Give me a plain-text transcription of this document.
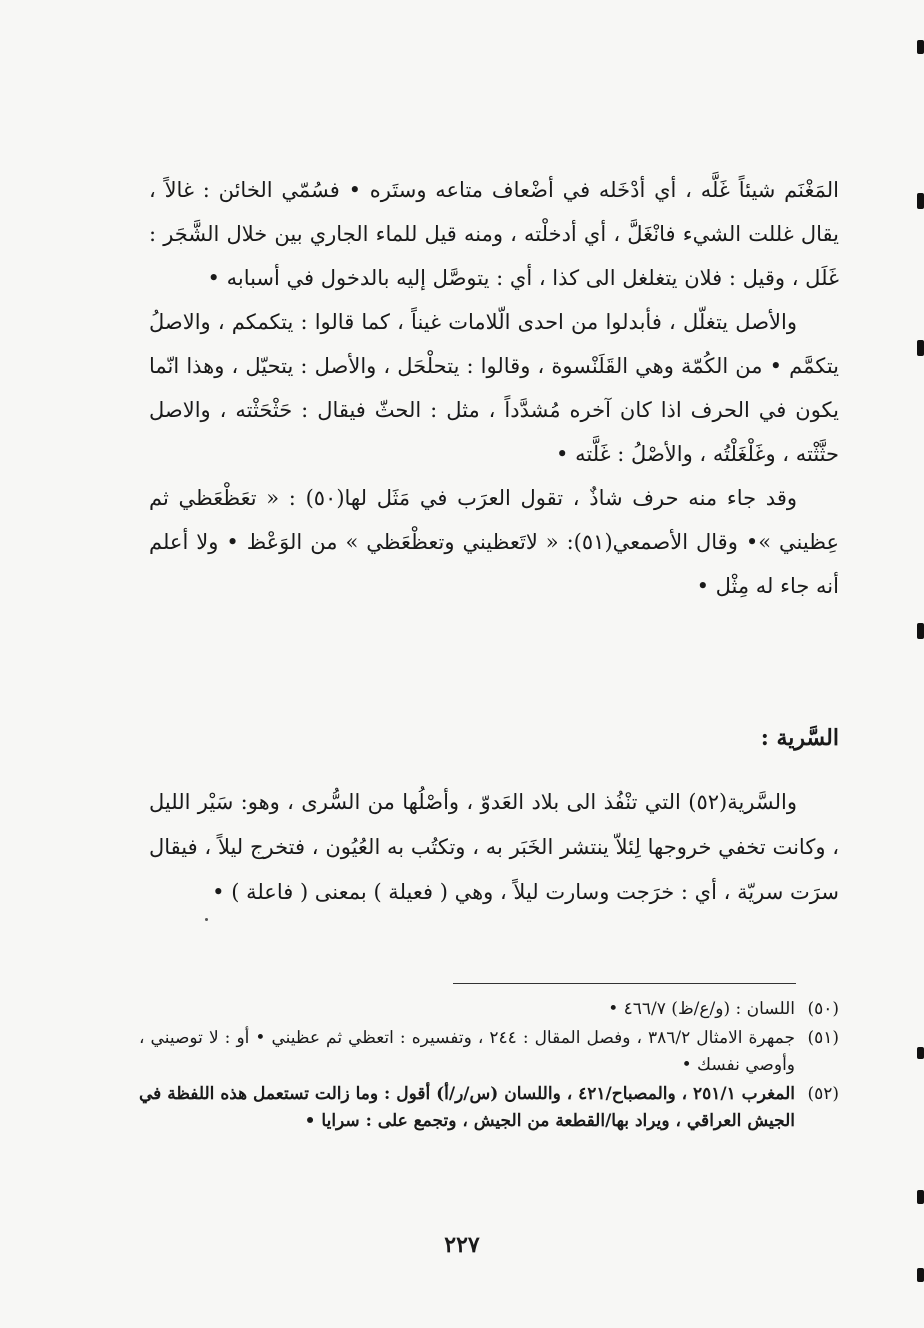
المَغْنَم شيئاً غَلَّه ، أي أدْخَله في أضْعاف متاعه وستَره • فسُمّي الخائن : غالاً ، يقال غللت الشيء فانْغَلَّ ، أي أدخلْته ، ومنه قيل للماء الجاري بين خلال الشَّجَر : غَلَل ، وقيل : فلان يتغلغل الى كذا ، أي : يتوصَّل إليه بالدخول في أسبابه •

والأصل يتغلّل ، فأبدلوا من احدى الّلامات غيناً ، كما قالوا : يتكمكم ، والاصلُ يتكمَّم • من الكُمّة وهي القَلَنْسوة ، وقالوا : يتحلْحَل ، والأصل : يتحيّل ، وهذا انّما يكون في الحرف اذا كان آخره مُشدَّداً ، مثل : الحثّ فيقال : حَثْحَثْته ، والاصل حثَّثْته ، وغَلْغَلْتُه ، والأصْلُ : غَلَّته •

وقد جاء منه حرف شاذٌ ، تقول العرَب في مَثَل لها(٥٠) : « تعَظْعَظي ثم عِظيني »• وقال الأصمعي(٥١): « لاتَعظيني وتعظْعَظي » من الوَعْظ • ولا أعلم أنه جاء له مِثْل •

السَّرية :

والسَّرية(٥٢) التي تنْفُذ الى بلاد العَدوّ ، وأصْلُها من السُّرى ، وهو: سَيْر الليل ، وكانت تخفي خروجها لِئلاّ ينتشر الخَبَر به ، وتكتُب به العُيُون ، فتخرج ليلاً ، فيقال سرَت سريّة ، أي : خرَجت وسارت ليلاً ، وهي ( فعيلة ) بمعنى ( فاعلة ) •

(٥٠)
اللسان : (و/ع/ظ) ٤٦٦/٧ •
(٥١)
جمهرة الامثال ٣٨٦/٢ ، وفصل المقال : ٢٤٤ ، وتفسيره : اتعظي ثم عظيني • أو : لا توصيني ، وأوصي نفسك •
(٥٢)
المغرب ٢٥١/١ ، والمصباح/٤٢١ ، واللسان (س/ر/أ) أقول : وما زالت تستعمل هذه اللفظة في الجيش العراقي ، ويراد بها/القطعة من الجيش ، وتجمع على : سرايا •
٢٢٧
